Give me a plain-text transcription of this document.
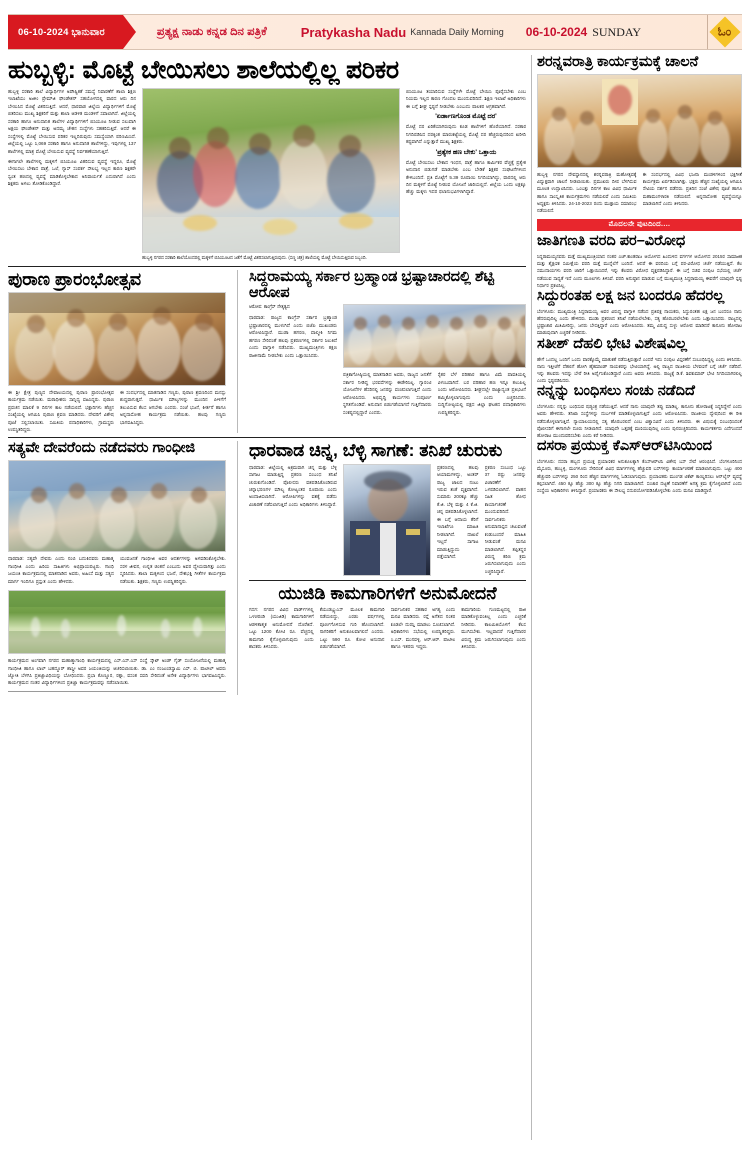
06-10-2024 ಭಾನುವಾರ	ಪ್ರತ್ಯಕ್ಷ ನಾಡು ಕನ್ನಡ ದಿನ ಪತ್ರಿಕೆ	Pratykasha Nadu Kannada Daily Morning 06-10-2024 SUNDAY	ಓಂ
ಹುಬ್ಬಳ್ಳಿ: ಮೊಟ್ಟೆ ಬೇಯಿಸಲು ಶಾಲೆಯಲ್ಲಿಲ್ಲ ಪರಿಕರ
ಹುಬ್ಬಳ್ಳಿ ಸರಕಾರಿ ಶಾಲೆ ವಿದ್ಯಾರ್ಥಿಗಳ ಅಪೌಷ್ಟಿಕತೆ ಸಮಸ್ಯೆ ನಿವಾರಣೆಗೆ ಶಾಲಾ ಶಿಕ್ಷಣ ಇಲಾಖೆಯು ಅಜೀಂ ಪ್ರೇಮ್‌ಜಿ ಫೌಂಡೇಶನ್ ಸಹಯೋಗದಲ್ಲಿ ವಾರದ ಆರು ದಿನ ಬೇಯಿಸಿದ ಮೊಟ್ಟೆ ವಿತರಿಸುತ್ತಿದೆ. ಆದರೆ, ಧಾರವಾಡ ಜಿಲ್ಲೆಯ ವಿದ್ಯಾರ್ಥಿಗಳಿಗೆ ಮೊಟ್ಟೆ ಬಿತರಿಸಲು ಮುಖ್ಯ ಶಿಕ್ಷಕರಿಗೆ ಮತ್ತು ಶಾಲಾ ಆಡಳಿತ ಮಂಡಳಿಗೆ ಸವಾಲಾಗಿದೆ. ಜಿಲ್ಲೆಯಲ್ಲಿ ಸರಕಾರಿ ಹಾಗೂ ಅನುದಾನಿತ ಶಾಲೆಗಳ ವಿದ್ಯಾರ್ಥಿಗಳಿಗೆ ಬಿಸಿಯೂಟ ನೀಡುವ ಸಲುವಾಗಿ ಅಕ್ಷಯ ಫೌಂಡೇಶನ್ ಮತ್ತು ಅದಮ್ಯ ಚೇತನ ಸಂಸ್ಥೆಗಳು ಸಹಕರಿಸುತ್ತಿವೆ. ಆದರೆ ಈ ಸಂಸ್ಥೆಗಳಲ್ಲಿ ಮೊಟ್ಟೆ ಬೇಯಿಸುವ ಪರಿಕರ ಇಲ್ಲದಿರುವುದು ಸಮಸ್ಯೆಯಾಗಿ ಪರಿಣಮಿಸಿದೆ. ಜಿಲ್ಲೆಯಲ್ಲಿ ಒಟ್ಟು 1,069 ಸರಕಾರಿ ಹಾಗೂ ಅನುದಾನಿತ ಶಾಲೆಗಳಿದ್ದು, ಇವುಗಳಲ್ಲಿ 137 ಶಾಲೆಗಳಲ್ಲಿ ಮಾತ್ರ ಮೊಟ್ಟೆ ಬೇಯಿಸುವ ವ್ಯವಸ್ಥೆ ನಿರ್ವಹಣೆಯಾಗುತ್ತಿದೆ.
ಈಗಾಗಲೇ ಶಾಲೆಗಳಲ್ಲಿ ಮಕ್ಕಳಿಗೆ ಬಿಸಿಯೂಟ ವಿತರಿಸುವ ವ್ಯವಸ್ಥೆ ಇದ್ದರೂ, ಮೊಟ್ಟೆ ಬೇಯಿಸಲು ಬೇಕಾದ ಪಾತ್ರೆ, ಒಲೆ, ಗ್ಯಾಸ್ ಸಂಪರ್ಕ ಸೌಲಭ್ಯ ಇಲ್ಲದ ಕಾರಣ ಶಿಕ್ಷಕರೇ ಸ್ವಂತ ಹಣದಲ್ಲಿ ವ್ಯವಸ್ಥೆ ಮಾಡಿಕೊಳ್ಳಬೇಕಾದ ಅನಿವಾರ್ಯತೆ ಎದುರಾಗಿದೆ ಎಂದು ಶಿಕ್ಷಕರು ಅಳಲು ತೋಡಿಕೊಂಡಿದ್ದಾರೆ.
ಹುಬ್ಬಳ್ಳಿ ನಗರದ ಸರಕಾರಿ ಶಾಲೆಯೊಂದರಲ್ಲಿ ಮಕ್ಕಳಿಗೆ ಬಿಸಿಯೂಟದ ಜತೆಗೆ ಮೊಟ್ಟೆ ವಿತರಿಸಲಾಗುತ್ತಿರುವುದು. (ಸಣ್ಣ ಚಿತ್ರ) ಶಾಲೆಯಲ್ಲಿ ಮೊಟ್ಟೆ ಬೇಯಿಸುತ್ತಿರುವ ಸಿಬ್ಬಂದಿ.
ಬಿಸಿಯೂಟ ತಯಾರಿಸುವ ಸಂಸ್ಥೆಗಳೇ ಮೊಟ್ಟೆ ಬೇಯಿಸಿ ಪೂರೈಸಬೇಕು ಎಂಬ ನಿಯಮ ಇಲ್ಲದ ಕಾರಣ ಗೊಂದಲ ಮುಂದುವರಿದಿದೆ. ಶಿಕ್ಷಣ ಇಲಾಖೆ ಅಧಿಕಾರಿಗಳು ಈ ಬಗ್ಗೆ ಶೀಘ್ರ ಸ್ಪಷ್ಟನೆ ನೀಡಬೇಕು ಎಂಬುದು ಪಾಲಕರ ಆಗ್ರಹವಾಗಿದೆ.
'ಏರ್ಡಾಣಗೊಂಡ ಮೊಟ್ಟೆ ದರ'
ಮೊಟ್ಟೆ ದರ ಏರಿಕೆಯಾಗಿರುವುದು ಕೂಡ ಶಾಲೆಗಳಿಗೆ ಹೊರೆಯಾಗಿದೆ. ಸರಕಾರ ನಿಗದಿಪಡಿಸಿದ ದರಕ್ಕಿಂತ ಮಾರುಕಟ್ಟೆಯಲ್ಲಿ ಮೊಟ್ಟೆ ದರ ಹೆಚ್ಚಿರುವುದರಿಂದ ಖರೀದಿ ಕಷ್ಟವಾಗಿದೆ ಎನ್ನುತ್ತಾರೆ ಮುಖ್ಯ ಶಿಕ್ಷಕರು.
'ಪ್ರತ್ಯೇಕ ಹಣ ಬೇಕು' ಒತ್ತಾಯ
ಮೊಟ್ಟೆ ಬೇಯಿಸಲು ಬೇಕಾದ ಇಂಧನ, ಪಾತ್ರೆ ಹಾಗೂ ಕಾರ್ಮಿಕರ ವೆಚ್ಚಕ್ಕೆ ಪ್ರತ್ಯೇಕ ಅನುದಾನ ಬಿಡುಗಡೆ ಮಾಡಬೇಕು ಎಂಬ ಬೇಡಿಕೆ ಶಿಕ್ಷಕರ ಸಂಘಟನೆಗಳಿಂದ ಕೇಳಿಬಂದಿದೆ. ಪ್ರತಿ ಮೊಟ್ಟೆಗೆ 5.39 ರೂಪಾಯಿ ನಿಗದಿಯಾಗಿದ್ದು, ವಾರದಲ್ಲಿ ಆರು ದಿನ ಮಕ್ಕಳಿಗೆ ಮೊಟ್ಟೆ ನೀಡುವ ಯೋಜನೆ ಜಾರಿಯಲ್ಲಿದೆ. ಜಿಲ್ಲೆಯ ಒಂದು ಲಕ್ಷಕ್ಕೂ ಹೆಚ್ಚು ಮಕ್ಕಳು ಇದರ ಫಲಾನುಭವಿಗಳಾಗಿದ್ದಾರೆ.
ಪುರಾಣ ಪ್ರಾರಂಭೋತ್ಸವ
ಈ ಶ್ರೀ ಕ್ಷೇತ್ರ ಪುಣ್ಯದ ದೇವಾಲಯದಲ್ಲಿ ಪುರಾಣ ಪ್ರಾರಂಭೋತ್ಸವ ಕಾರ್ಯಕ್ರಮ ನಡೆಯಿತು. ಮಠಾಧೀಶರು ಸಾನ್ನಿಧ್ಯ ವಹಿಸಿದ್ದರು. ಪುರಾಣ ಪ್ರವಚನ ಮಾಲಿಕೆ 9 ದಿನಗಳ ಕಾಲ ನಡೆಯಲಿದೆ. ಭಕ್ತಾದಿಗಳು ಹೆಚ್ಚಿನ ಸಂಖ್ಯೆಯಲ್ಲಿ ಆಗಮಿಸಿ ಪುರಾಣ ಶ್ರವಣ ಮಾಡಿದರು. ದೇವರಿಗೆ ವಿಶೇಷ ಪೂಜೆ ಸಲ್ಲಿಸಲಾಯಿತು. ಸಮಿತಿಯ ಪದಾಧಿಕಾರಿಗಳು, ಗ್ರಾಮಸ್ಥರು ಉಪಸ್ಥಿತರಿದ್ದರು.
ಈ ಸಂದರ್ಭದಲ್ಲಿ ಮಾತನಾಡಿದ ಗಣ್ಯರು, ಪುರಾಣ ಶ್ರವಣದಿಂದ ಮನಸ್ಸು ಶುದ್ಧವಾಗುತ್ತದೆ. ಧಾರ್ಮಿಕ ಮೌಲ್ಯಗಳನ್ನು ಮುಂದಿನ ಪೀಳಿಗೆಗೆ ತಲುಪಿಸುವ ಕೆಲಸ ಆಗಬೇಕು ಎಂದರು. ಸಂಜೆ ಭಜನೆ, ಕೀರ್ತನೆ ಹಾಗೂ ಅನ್ನದಾಸೋಹ ಕಾರ್ಯಕ್ರಮ ನಡೆಯಿತು. ಹಲವು ಗಣ್ಯರು ಭಾಗವಹಿಸಿದ್ದರು.
ಸಿದ್ದರಾಮಯ್ಯ ಸರ್ಕಾರ ಬ್ರಹ್ಮಾಂಡ ಭ್ರಷ್ಟಾಚಾರದಲ್ಲಿ ಶೆಟ್ಟಿ ಆರೋಪ
ಆರೋಪ: ಕಾಂಗ್ರೆಸ್ ನೇತೃತ್ವದ
ಧಾರವಾಡ: ರಾಜ್ಯದ ಕಾಂಗ್ರೆಸ್ ಸರ್ಕಾರ ಬ್ರಹ್ಮಾಂಡ ಭ್ರಷ್ಟಾಚಾರದಲ್ಲಿ ಮುಳುಗಿದೆ ಎಂದು ಬಿಜೆಪಿ ಮುಖಂಡರು ಆರೋಪಿಸಿದ್ದಾರೆ. ಮುಡಾ ಹಗರಣ, ವಾಲ್ಮೀಕಿ ನಿಗಮ ಹಗರಣ ಸೇರಿದಂತೆ ಹಲವು ಪ್ರಕರಣಗಳಲ್ಲಿ ಸರ್ಕಾರ ಸಿಲುಕಿದೆ ಎಂದು ವಾಗ್ದಾಳಿ ನಡೆಸಿದರು. ಮುಖ್ಯಮಂತ್ರಿಗಳು ತಕ್ಷಣ ರಾಜೀನಾಮೆ ನೀಡಬೇಕು ಎಂದು ಒತ್ತಾಯಿಸಿದರು.
ಪತ್ರಿಕಾಗೋಷ್ಠಿಯಲ್ಲಿ ಮಾತನಾಡಿದ ಅವರು, ರಾಜ್ಯದ ಜನತೆಗೆ ಸರ್ಕಾರ ನೀಡಿದ್ದ ಭರವಸೆಗಳನ್ನು ಈಡೇರಿಸಿಲ್ಲ. ಗ್ಯಾರಂಟಿ ಯೋಜನೆಗಳ ಹೆಸರಿನಲ್ಲಿ ಜನರನ್ನು ವಂಚಿಸಲಾಗುತ್ತಿದೆ ಎಂದು ಆರೋಪಿಸಿದರು. ಅಭಿವೃದ್ಧಿ ಕಾರ್ಯಗಳು ಸಂಪೂರ್ಣ ಸ್ಥಗಿತಗೊಂಡಿವೆ. ಅನುದಾನ ಬಿಡುಗಡೆಯಾಗದೆ ಗುತ್ತಿಗೆದಾರರು ಸಂಕಷ್ಟದಲ್ಲಿದ್ದಾರೆ ಎಂದರು.
ರೈತರ ಬೆಳೆ ಪರಿಹಾರ ಹಾಗೂ ವಿಮೆ ಪಾವತಿಯಲ್ಲಿ ವಿಳಂಬವಾಗಿದೆ. ಬರ ಪರಿಹಾರ ಹಣ ಇನ್ನೂ ತಲುಪಿಲ್ಲ ಎಂದು ಆರೋಪಿಸಿದರು. ಶೀಘ್ರದಲ್ಲೇ ರಾಜ್ಯಾದ್ಯಂತ ಪ್ರತಿಭಟನೆ ಹಮ್ಮಿಕೊಳ್ಳಲಾಗುವುದು ಎಂದು ಎಚ್ಚರಿಸಿದರು. ಸುದ್ದಿಗೋಷ್ಠಿಯಲ್ಲಿ ಪಕ್ಷದ ಜಿಲ್ಲಾ ಘಟಕದ ಪದಾಧಿಕಾರಿಗಳು ಉಪಸ್ಥಿತರಿದ್ದರು.
ಸತ್ಯವೇ ದೇವರೆಂದು ನಡೆದವರು ಗಾಂಧೀಜಿ
ಧಾರವಾಡ: ಸತ್ಯವೇ ದೇವರು ಎಂದು ನಂಬಿ ಬದುಕಿದವರು ಮಹಾತ್ಮ ಗಾಂಧೀಜಿ ಎಂದು ಹಿರಿಯ ಸಾಹಿತಿಗಳು ಅಭಿಪ್ರಾಯಪಟ್ಟರು. ಗಾಂಧಿ ಜಯಂತಿ ಕಾರ್ಯಕ್ರಮದಲ್ಲಿ ಮಾತನಾಡಿದ ಅವರು, ಅಹಿಂಸೆ ಮತ್ತು ಸತ್ಯದ ಮಾರ್ಗ ಇಂದಿಗೂ ಪ್ರಸ್ತುತ ಎಂದು ಹೇಳಿದರು.
ಯುವಜನತೆ ಗಾಂಧೀಜಿ ಅವರ ಆದರ್ಶಗಳನ್ನು ಅಳವಡಿಸಿಕೊಳ್ಳಬೇಕು. ಸರಳ ಜೀವನ, ಉನ್ನತ ಚಿಂತನೆ ಎಂಬುದು ಅವರ ಧ್ಯೇಯವಾಗಿತ್ತು ಎಂದು ಸ್ಮರಿಸಿದರು. ಶಾಲಾ ಮಕ್ಕಳಿಂದ ಭಜನೆ, ದೇಶಭಕ್ತಿ ಗೀತೆಗಳ ಕಾರ್ಯಕ್ರಮ ನಡೆಯಿತು. ಶಿಕ್ಷಕರು, ಗಣ್ಯರು ಉಪಸ್ಥಿತರಿದ್ದರು.
ಕಾರ್ಯಕ್ರಮದ ಅಂಗವಾಗಿ ನಗರದ ಮಹಾತ್ಮಾಗಾಂಧಿ ಕಾರ್ಯಕ್ರಮದಲ್ಲಿ ಎಸ್.ಎಸ್.ಎಸ್ ಸಂಸ್ಥೆ ಸ್ಕೌಟ್ ಅಂಡ್ ಗೈಡ್ ಸಂಯೋಜನೆಯಲ್ಲಿ ಮಹಾತ್ಮ ಗಾಂಧೀಜಿ ಹಾಗೂ ಲಾಲ್ ಬಹದ್ದೂರ್ ಶಾಸ್ತ್ರೀ ಅವರ ಜಯಂತಿಯನ್ನು ಆಚರಿಸಲಾಯಿತು. ಡಾ. ಎಂ ನಂಜುಂಡಸ್ವಾಮಿ ಎಸ್. ಬಿ. ಪಾಟೀಲ್ ಅವರು ಜ್ಯೋತಿ ಬೆಳಗಿಸಿ ಪ್ರತಿಜ್ಞಾವಿಧಿಯನ್ನು ಬೋಧಿಸಿದರು. ಪ್ರಭಾ ಕೊಣ್ಣೂರ, ರತ್ನಾ, ವಸಂತ ಸವದಿ ಸೇರಿದಂತೆ ಅನೇಕ ವಿದ್ಯಾರ್ಥಿಗಳು ಭಾಗವಹಿಸಿದ್ದರು. ಕಾರ್ಯಕ್ರಮದ ನಂತರ ವಿದ್ಯಾರ್ಥಿಗಳಿಂದ ಪ್ರತಿಜ್ಞಾ ಕಾರ್ಯಕ್ರಮವನ್ನು ನಡೆಸಲಾಯಿತು.
ಧಾರವಾಡ ಚಿನ್ನ, ಬೆಳ್ಳಿ ಸಾಗಣೆ: ತನಿಖೆ ಚುರುಕು
ಧಾರವಾಡ: ಜಿಲ್ಲೆಯಲ್ಲಿ ಅಕ್ರಮವಾಗಿ ಚಿನ್ನ ಮತ್ತು ಬೆಳ್ಳಿ ಸಾಗಾಟ ಮಾಡುತ್ತಿದ್ದ ಪ್ರಕರಣ ಸಂಬಂಧ ತನಿಖೆ ಚುರುಕುಗೊಂಡಿದೆ. ಪೊಲೀಸರು ವಶಪಡಿಸಿಕೊಂಡಿರುವ ಚಿನ್ನಾಭರಣಗಳ ಮೌಲ್ಯ ಕೋಟ್ಯಂತರ ರೂಪಾಯಿ ಎಂದು ಅಂದಾಜಿಸಲಾಗಿದೆ. ಆರೋಪಿಗಳನ್ನು ವಶಕ್ಕೆ ಪಡೆದು ವಿಚಾರಣೆ ನಡೆಸಲಾಗುತ್ತಿದೆ ಎಂದು ಅಧಿಕಾರಿಗಳು ತಿಳಿಸಿದ್ದಾರೆ.
ಪ್ರಕರಣದಲ್ಲಿ ಹಲವು ಆಯಾಮಗಳಿದ್ದು, ಅಂತರ್ ರಾಜ್ಯ ಜಾಲದ ನಂಟು ಇರುವ ಶಂಕೆ ವ್ಯಕ್ತವಾಗಿದೆ. ಸುಮಾರು 200ಕ್ಕೂ ಹೆಚ್ಚು ಕೆ.ಜಿ. ಬೆಳ್ಳಿ ಮತ್ತು 4 ಕೆ.ಜಿ. ಚಿನ್ನ ವಶಪಡಿಸಿಕೊಳ್ಳಲಾಗಿದೆ. ಈ ಬಗ್ಗೆ ಆದಾಯ ತೆರಿಗೆ ಇಲಾಖೆಗೂ ಮಾಹಿತಿ ನೀಡಲಾಗಿದೆ. ದಾಖಲೆ ಇಲ್ಲದೆ ಸಾಗಾಟ ಮಾಡುತ್ತಿದ್ದುದು ಪತ್ತೆಯಾಗಿದೆ.
ಪ್ರಕರಣ ಸಂಬಂಧ ಒಟ್ಟು 37 ರಷ್ಟು ಜನರನ್ನು ವಿಚಾರಣೆಗೆ ಒಳಪಡಿಸಲಾಗಿದೆ. ವಾಹನ ಸಹಿತ ಶೋಧ ಕಾರ್ಯಾಚರಣೆ ಮುಂದುವರಿದಿದೆ. ಸಾರ್ವಜನಿಕರು ಅನುಮಾನಾಸ್ಪದ ಚಟುವಟಿಕೆ ಕಂಡುಬಂದರೆ ಮಾಹಿತಿ ನೀಡುವಂತೆ ಮನವಿ ಮಾಡಲಾಗಿದೆ. ತಪ್ಪಿತಸ್ಥರ ವಿರುದ್ಧ ಕಠಿಣ ಕ್ರಮ ಜರುಗಿಸಲಾಗುವುದು ಎಂದು ಎಚ್ಚರಿಸಿದ್ದಾರೆ.
ಯುಜಿಡಿ ಕಾಮಗಾರಿಗಳಿಗೆ ಅನುಮೋದನೆ
ಗದಗ: ನಗರದ ವಿವಿಧ ವಾರ್ಡ್‌ಗಳಲ್ಲಿ ಒಳಚರಂಡಿ (ಯುಜಿಡಿ) ಕಾಮಗಾರಿಗಳಿಗೆ ಆಡಳಿತಾತ್ಮಕ ಅನುಮೋದನೆ ದೊರೆತಿದೆ. ಒಟ್ಟು 1200 ಕೋಟಿ ರೂ. ವೆಚ್ಚದಲ್ಲಿ ಕಾಮಗಾರಿ ಕೈಗೊಳ್ಳಲಾಗುವುದು ಎಂದು ಶಾಸಕರು ತಿಳಿಸಿದರು.
ಕೆಯುಡಬ್ಲ್ಯುಎಸ್ ಮೂಲಕ ಕಾಮಗಾರಿ ನಡೆಯಲಿದ್ದು, ಎರಡು ವರ್ಷಗಳಲ್ಲಿ ಪೂರ್ಣಗೊಳಿಸುವ ಗುರಿ ಹೊಂದಲಾಗಿದೆ. ನಾಗರಿಕರಿಗೆ ಅನುಕೂಲವಾಗಲಿದೆ ಎಂದರು. ಒಟ್ಟು 590 ರೂ. ಕೋಟಿ ಅನುದಾನ ಬಿಡುಗಡೆಯಾಗಿದೆ.
ಸಾರ್ವಜನಿಕರ ಸಹಕಾರ ಅಗತ್ಯ ಎಂದು ಮನವಿ ಮಾಡಿದರು. ರಸ್ತೆ ಅಗೆತದ ನಂತರ ಕೂಡಲೇ ದುರಸ್ತಿ ಮಾಡಲು ಸೂಚಿಸಲಾಗಿದೆ. ಅಧಿಕಾರಿಗಳು ಸಭೆಯಲ್ಲಿ ಉಪಸ್ಥಿತರಿದ್ದರು. ಎ.ಎಸ್. ಮುನವಳ್ಳಿ, ಆರ್.ಆರ್. ಪಾಟೀಲ ಹಾಗೂ ಇತರರು ಇದ್ದರು.
ಕಾಮಗಾರಿಯ ಗುಣಮಟ್ಟದಲ್ಲಿ ರಾಜಿ ಮಾಡಿಕೊಳ್ಳುವಂತಿಲ್ಲ ಎಂದು ಎಚ್ಚರಿಕೆ ನೀಡಿದರು. ಕಾಲಮಿತಿಯೊಳಗೆ ಕೆಲಸ ಮುಗಿಸಬೇಕು. ಇಲ್ಲವಾದರೆ ಗುತ್ತಿಗೆದಾರರ ವಿರುದ್ಧ ಕ್ರಮ ಜರುಗಿಸಲಾಗುವುದು ಎಂದು ತಿಳಿಸಿದರು.
ಶರನ್ನವರಾತ್ರಿ ಕಾರ್ಯಕ್ರಮಕ್ಕೆ ಚಾಲನೆ
ಹುಬ್ಬಳ್ಳಿ ನಗರದ ದೇವಸ್ಥಾನದಲ್ಲಿ ಶರನ್ನವರಾತ್ರಿ ಮಹೋತ್ಸವಕ್ಕೆ ವಿಧ್ಯುಕ್ತವಾಗಿ ಚಾಲನೆ ನೀಡಲಾಯಿತು. ಪ್ರಮುಖರು ದೀಪ ಬೆಳಗಿಸುವ ಮೂಲಕ ಉದ್ಘಾಟಿಸಿದರು. ಒಂಬತ್ತು ದಿನಗಳ ಕಾಲ ವಿವಿಧ ಧಾರ್ಮಿಕ ಹಾಗೂ ಸಾಂಸ್ಕೃತಿಕ ಕಾರ್ಯಕ್ರಮಗಳು ನಡೆಯಲಿವೆ ಎಂದು ಸಮಿತಿಯ ಅಧ್ಯಕ್ಷರು ತಿಳಿಸಿದರು. 24-10-2023 ರಂದು ಮುಕ್ತಾಯ ಸಮಾರಂಭ ನಡೆಯಲಿದೆ.
ಈ ಸಂದರ್ಭದಲ್ಲಿ ವಿವಿಧ ಭಜನಾ ಮಂಡಳಿಗಳಿಂದ ಭಕ್ತಿಗೀತೆ ಕಾರ್ಯಕ್ರಮ ಏರ್ಪಡಿಸಲಾಗಿತ್ತು. ಭಕ್ತರು ಹೆಚ್ಚಿನ ಸಂಖ್ಯೆಯಲ್ಲಿ ಆಗಮಿಸಿ ದೇವಿಯ ದರ್ಶನ ಪಡೆದರು. ಪ್ರತಿದಿನ ಸಂಜೆ ವಿಶೇಷ ಪೂಜೆ ಹಾಗೂ ಮಹಾಮಂಗಳಾರತಿ ನಡೆಯಲಿದೆ. ಅನ್ನದಾಸೋಹ ವ್ಯವಸ್ಥೆಯನ್ನೂ ಮಾಡಲಾಗಿದೆ ಎಂದು ತಿಳಿಸಿದರು.
ಮೊದಲನೇ ಪುಟದಿಂದ....
ಜಾತಿಗಣತಿ ವರದಿ ಪರ–ವಿರೋಧ
ಸಿದ್ದರಾಮಯ್ಯನವರು ಮತ್ತೆ ಮುಖ್ಯಮಂತ್ರಿಯಾದ ನಂತರ ಎಚ್.ಕಾಂತರಾಜ ಆಯೋಗದ ಹಿಂದುಳಿದ ವರ್ಗಗಳ ಆಯೋಗದ 2015ರ ಸಾಮಾಜಿಕ ಮತ್ತು ಶೈಕ್ಷಣಿಕ ಸಮೀಕ್ಷೆಯ ವರದಿ ಮತ್ತೆ ಮುನ್ನೆಲೆಗೆ ಬಂದಿದೆ. ಆದರೆ ಈ ವರದಿಯ ಬಗ್ಗೆ ಪರ-ವಿರೋಧ ಚರ್ಚೆ ನಡೆಯುತ್ತಿದೆ. ಕೆಲ ಸಮುದಾಯಗಳು ವರದಿ ಜಾರಿಗೆ ಒತ್ತಾಯಿಸಿದರೆ, ಇನ್ನು ಕೆಲವರು ವಿರೋಧ ವ್ಯಕ್ತಪಡಿಸಿದ್ದಾರೆ. ಈ ಬಗ್ಗೆ ಸಚಿವ ಸಂಪುಟ ಸಭೆಯಲ್ಲಿ ಚರ್ಚೆ ನಡೆಯುವ ಸಾಧ್ಯತೆ ಇದೆ ಎಂದು ಮೂಲಗಳು ತಿಳಿಸಿವೆ. ವರದಿ ಅನುಷ್ಠಾನ ಮಾಡುವ ಬಗ್ಗೆ ಮುಖ್ಯಮಂತ್ರಿ ಸಿದ್ದರಾಮಯ್ಯ ಈವರೆಗೆ ಯಾವುದೇ ಸ್ಪಷ್ಟ ನಿರ್ಧಾರ ಪ್ರಕಟಿಸಿಲ್ಲ.
ಸಿದ್ದುರಂತಹ ಲಕ್ಷ ಜನ ಬಂದರೂ ಹೆದರಲ್ಲ
ಬೆಂಗಳೂರು: ಮುಖ್ಯಮಂತ್ರಿ ಸಿದ್ದರಾಮಯ್ಯ ಅವರ ವಿರುದ್ಧ ವಾಗ್ದಾಳಿ ನಡೆಸಿದ ಪ್ರತಿಪಕ್ಷ ನಾಯಕರು, ಸಿದ್ದುರಂತಹ ಲಕ್ಷ ಜನ ಬಂದರೂ ನಾನು ಹೆದರುವುದಿಲ್ಲ ಎಂದು ಹೇಳಿದರು. ಮುಡಾ ಪ್ರಕರಣದ ತನಿಖೆ ನಡೆಯಲೇಬೇಕು, ಸತ್ಯ ಹೊರಬರಲೇಬೇಕು ಎಂದು ಒತ್ತಾಯಿಸಿದರು. ರಾಜ್ಯದಲ್ಲಿ ಭ್ರಷ್ಟಾಚಾರ ಮಿತಿಮೀರಿದ್ದು, ಜನರು ಬೇಸತ್ತಿದ್ದಾರೆ ಎಂದು ಆರೋಪಿಸಿದರು. ತಮ್ಮ ವಿರುದ್ಧ ಸುಳ್ಳು ಆರೋಪ ಮಾಡಿದರೆ ಕಾನೂನು ಹೋರಾಟ ಮಾಡುವುದಾಗಿ ಎಚ್ಚರಿಕೆ ನೀಡಿದರು.
ಸತೀಶ್ ದೆಹಲಿ ಭೇಟಿ ವಿಶೇಷವಿಲ್ಲ
ಹೇಗೆ ಒಂದಲ್ಲ ಒಂದಿಗೆ ಒಂದು ವಾರಕ್ಕೊಮ್ಮೆ ಮಾತುಕತೆ ನಡೆಸುತ್ತಿರುತ್ತಾರೆ ಎಂದರೆ ಇದು ಸಂಪುಟ ವಿಸ್ತರಣೆಗೆ ಸಂಬಂಧಿಸಿದ್ದಲ್ಲ ಎಂದು ತಿಳಿಸಿದರು. ನಾನು ಇತ್ತೀಚೆಗೆ ದೆಹಲಿಗೆ ಹೋಗಿ ಹೈಕಮಾಂಡ್ ನಾಯಕರನ್ನು ಭೇಟಿಯಾಗಿದ್ದೆ. ಅಲ್ಲಿ ರಾಜ್ಯದ ರಾಜಕೀಯ ಬೆಳವಣಿಗೆ ಬಗ್ಗೆ ಚರ್ಚೆ ನಡೆದಿದೆ. ಇನ್ನು ಹಲವರು ಇದನ್ನು ಬೇರೆ ರೀತಿ ಅರ್ಥೈಸಿಕೊಂಡಿದ್ದಾರೆ ಎಂದು ಅವರು ತಿಳಿಸಿದರು. ರಾಜ್ಯಕ್ಕೆ ಡಿ.ಕೆ. ಶಿವಕುಮಾರ್ ಭೇಟಿ ನಿಗದಿಯಾಗಿರಲಿಲ್ಲ ಎಂದು ಸ್ಪಷ್ಟಪಡಿಸಿದರು.
ನನ್ನನ್ನು ಬಂಧಿಸಲು ಸಂಚು ನಡೆದಿದೆ
ಬೆಂಗಳೂರು: ನನ್ನನ್ನು ಬಂಧಿಸುವ ಷಡ್ಯಂತ್ರ ನಡೆಯುತ್ತಿದೆ. ಆದರೆ ನಾನು ಯಾವುದೇ ತಪ್ಪು ಮಾಡಿಲ್ಲ. ಕಾನೂನು ಹೋರಾಟಕ್ಕೆ ಸಿದ್ಧನಿದ್ದೇನೆ ಎಂದು ಅವರು ಹೇಳಿದರು. ತನಿಖಾ ಸಂಸ್ಥೆಗಳನ್ನು ದುರ್ಬಳಕೆ ಮಾಡಿಕೊಳ್ಳಲಾಗುತ್ತಿದೆ ಎಂದು ಆರೋಪಿಸಿದರು. ರಾಜಕೀಯ ದ್ವೇಷದಿಂದ ಈ ರೀತಿ ನಡೆದುಕೊಳ್ಳಲಾಗುತ್ತಿದೆ. ನ್ಯಾಯಾಲಯದಲ್ಲಿ ಸತ್ಯ ಹೊರಬರಲಿದೆ ಎಂಬ ವಿಶ್ವಾಸವಿದೆ ಎಂದು ತಿಳಿಸಿದರು. ಈ ವಿಷಯಕ್ಕೆ ಸಂಬಂಧಿಸಿದಂತೆ ಪೊಲೀಸರಿಗೆ ಈಗಾಗಲೇ ದೂರು ನೀಡಲಾಗಿದೆ. ಯಾವುದೇ ಒತ್ತಡಕ್ಕೆ ಮಣಿಯುವುದಿಲ್ಲ ಎಂದು ಪುನರುಚ್ಚರಿಸಿದರು. ಕಾರ್ಯಕರ್ತರು ಎದೆಗುಂದದೆ ಹೋರಾಟ ಮುಂದುವರಿಸಬೇಕು ಎಂದು ಕರೆ ನೀಡಿದರು.
ದಸರಾ ಪ್ರಯುಕ್ತ ಕೆಎಸ್ಆರ್‌ಟಿಸಿಯಿಂದ
ಬೆಂಗಳೂರು: ದಸರಾ ಹಬ್ಬದ ಪ್ರಯುಕ್ತ ಪ್ರಯಾಣಿಕರ ಅನುಕೂಲಕ್ಕಾಗಿ ಕೆಎಸ್ಆರ್‌ಟಿಸಿ ವಿಶೇಷ ಬಸ್ ಸೇವೆ ಆರಂಭಿಸಿದೆ. ಬೆಂಗಳೂರಿನಿಂದ ಮೈಸೂರು, ಹುಬ್ಬಳ್ಳಿ, ಮಂಗಳೂರು ಸೇರಿದಂತೆ ವಿವಿಧ ಮಾರ್ಗಗಳಲ್ಲಿ ಹೆಚ್ಚುವರಿ ಬಸ್‌ಗಳನ್ನು ಕಾರ್ಯಾಚರಣೆ ಮಾಡಲಾಗುವುದು. ಒಟ್ಟು 400 ಹೆಚ್ಚುವರಿ ಬಸ್‌ಗಳನ್ನು 250 ರಿಂದ ಹೆಚ್ಚಿನ ಮಾರ್ಗಗಳಲ್ಲಿ ಓಡಿಸಲಾಗುವುದು. ಪ್ರಯಾಣಿಕರು ಮುಂಗಡ ಟಿಕೆಟ್ ಕಾಯ್ದಿರಿಸಲು ಆನ್‌ಲೈನ್ ವ್ಯವಸ್ಥೆ ಕಲ್ಪಿಸಲಾಗಿದೆ. 450 ಕ್ಕೂ ಹೆಚ್ಚು 300 ಕ್ಕೂ ಹೆಚ್ಚು ನಿಗದಿ ಮಾಡಲಾಗಿದೆ. ಸಂಚಾರ ದಟ್ಟಣೆ ನಿವಾರಣೆಗೆ ಅಗತ್ಯ ಕ್ರಮ ಕೈಗೊಳ್ಳಲಾಗಿದೆ ಎಂದು ಸಂಸ್ಥೆಯ ಅಧಿಕಾರಿಗಳು ತಿಳಿಸಿದ್ದಾರೆ. ಪ್ರಯಾಣಿಕರು ಈ ಸೌಲಭ್ಯ ಸದುಪಯೋಗಪಡಿಸಿಕೊಳ್ಳಬೇಕು ಎಂದು ಮನವಿ ಮಾಡಿದ್ದಾರೆ.
